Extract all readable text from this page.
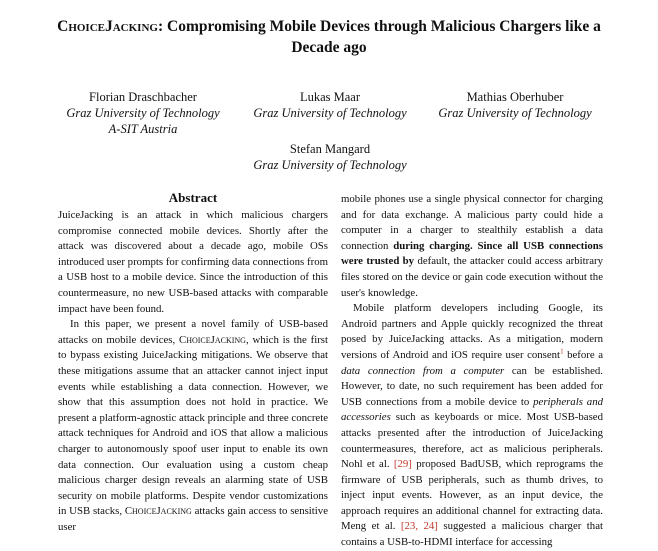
ChoiceJacking: Compromising Mobile Devices through Malicious Chargers like a Decade ago
Florian Draschbacher
Graz University of Technology
A-SIT Austria
Lukas Maar
Graz University of Technology
Mathias Oberhuber
Graz University of Technology
Stefan Mangard
Graz University of Technology
Abstract

JuiceJacking is an attack in which malicious chargers compromise connected mobile devices. Shortly after the attack was discovered about a decade ago, mobile OSs introduced user prompts for confirming data connections from a USB host to a mobile device. Since the introduction of this countermeasure, no new USB-based attacks with comparable impact have been found.

In this paper, we present a novel family of USB-based attacks on mobile devices, ChoiceJacking, which is the first to bypass existing JuiceJacking mitigations. We observe that these mitigations assume that an attacker cannot inject input events while establishing a data connection. However, we show that this assumption does not hold in practice. We present a platform-agnostic attack principle and three concrete attack techniques for Android and iOS that allow a malicious charger to autonomously spoof user input to enable its own data connection. Our evaluation using a custom cheap malicious charger design reveals an alarming state of USB security on mobile platforms. Despite vendor customizations in USB stacks, ChoiceJacking attacks gain access to sensitive user

mobile phones use a single physical connector for charging and for data exchange. A malicious party could hide a computer in a charger to stealthily establish a data connection during charging. Since all USB connections were trusted by default, the attacker could access arbitrary files stored on the device or gain code execution without the user's knowledge.

Mobile platform developers including Google, its Android partners and Apple quickly recognized the threat posed by JuiceJacking attacks. As a mitigation, modern versions of Android and iOS require user consent$^1$ before a data connection from a computer can be established. However, to date, no such requirement has been added for USB connections from a mobile device to peripherals and accessories such as keyboards or mice. Most USB-based attacks presented after the introduction of JuiceJacking countermeasures, therefore, act as malicious peripherals. Nohl et al. [29] proposed BadUSB, which reprograms the firmware of USB peripherals, such as thumb drives, to inject input events. However, as an input device, the approach requires an additional channel for extracting data. Meng et al. [23, 24] suggested a malicious charger that contains a USB-to-HDMI interface for accessing
